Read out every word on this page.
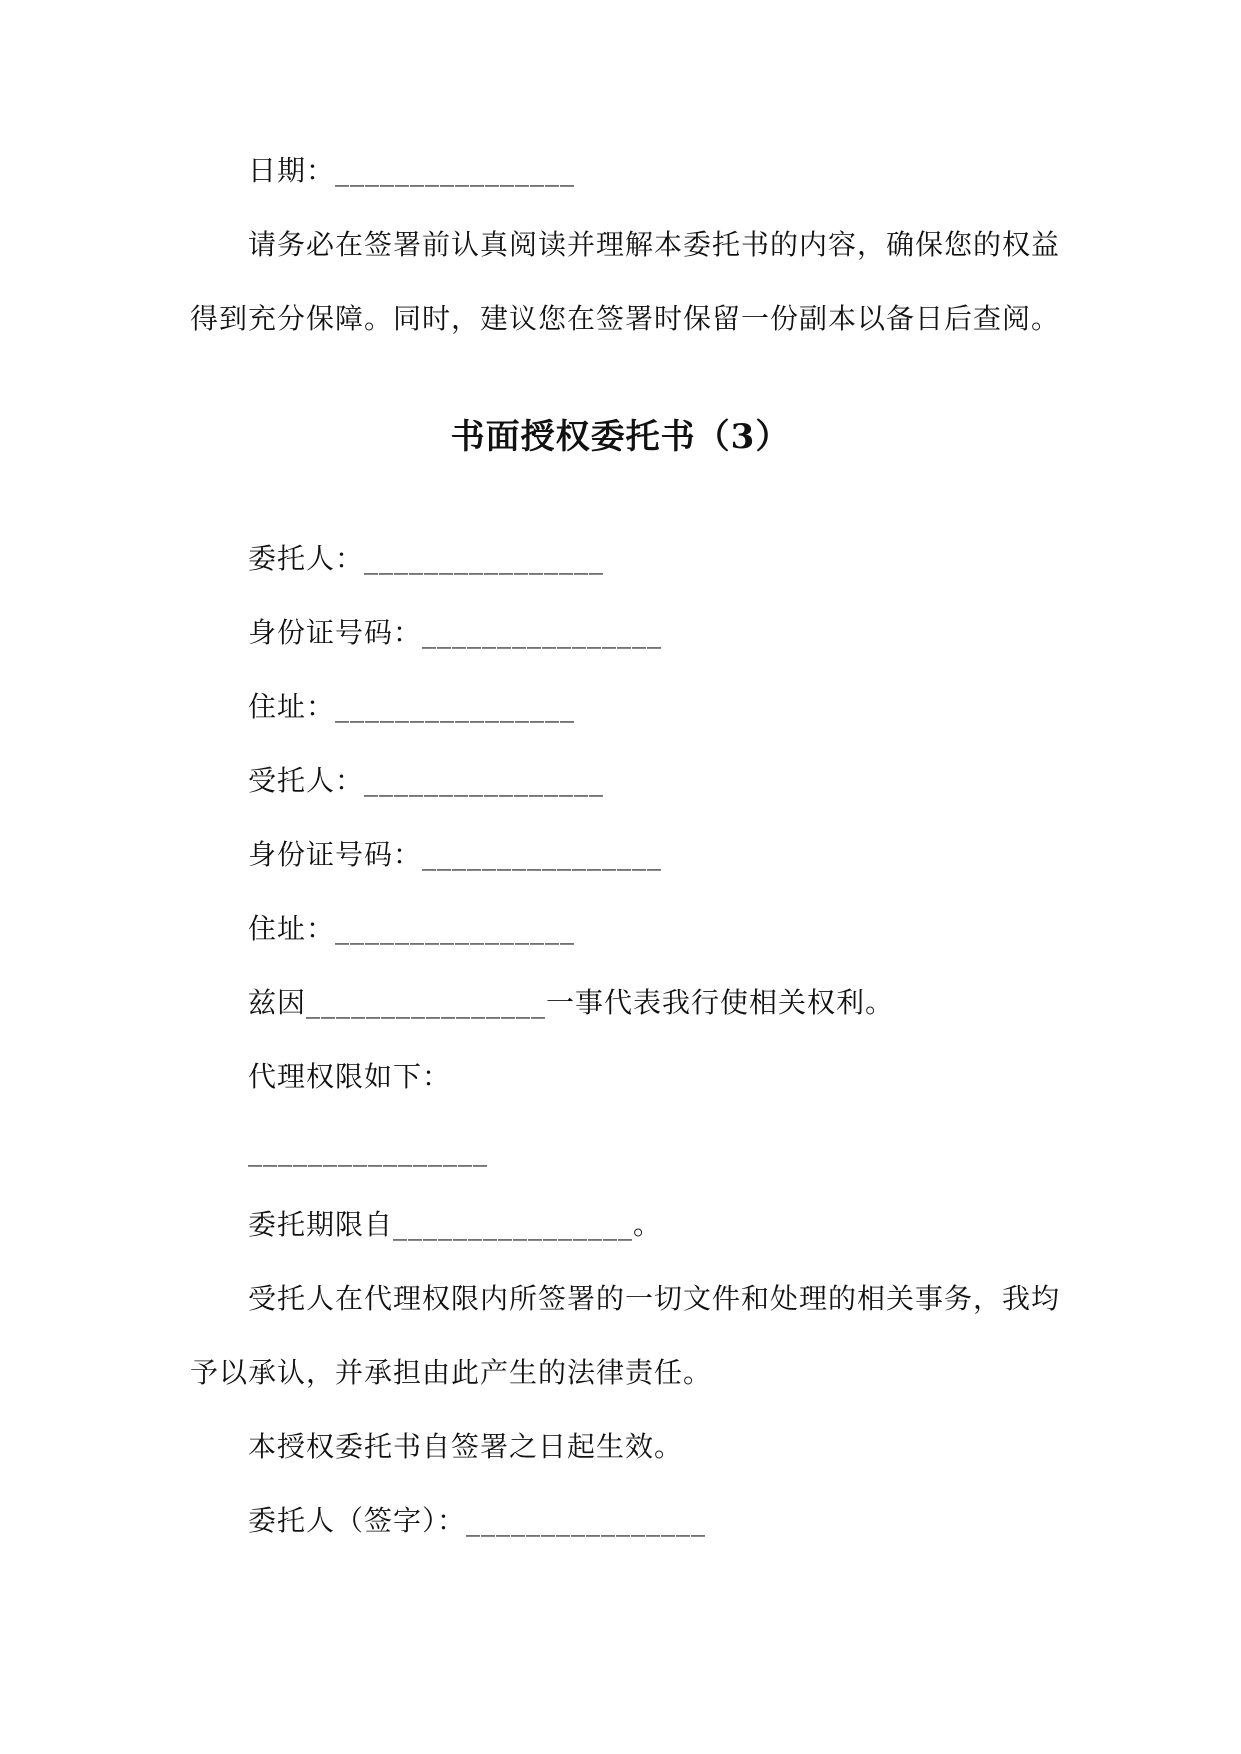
日期：________________
请务必在签署前认真阅读并理解本委托书的内容，确保您的权益得到充分保障。同时，建议您在签署时保留一份副本以备日后查阅。
书面授权委托书（3）
委托人：________________
身份证号码：________________
住址：________________
受托人：________________
身份证号码：________________
住址：________________
兹因________________一事代表我行使相关权利。
代理权限如下：
________________
委托期限自________________。
受托人在代理权限内所签署的一切文件和处理的相关事务，我均予以承认，并承担由此产生的法律责任。
本授权委托书自签署之日起生效。
委托人（签字）：________________
